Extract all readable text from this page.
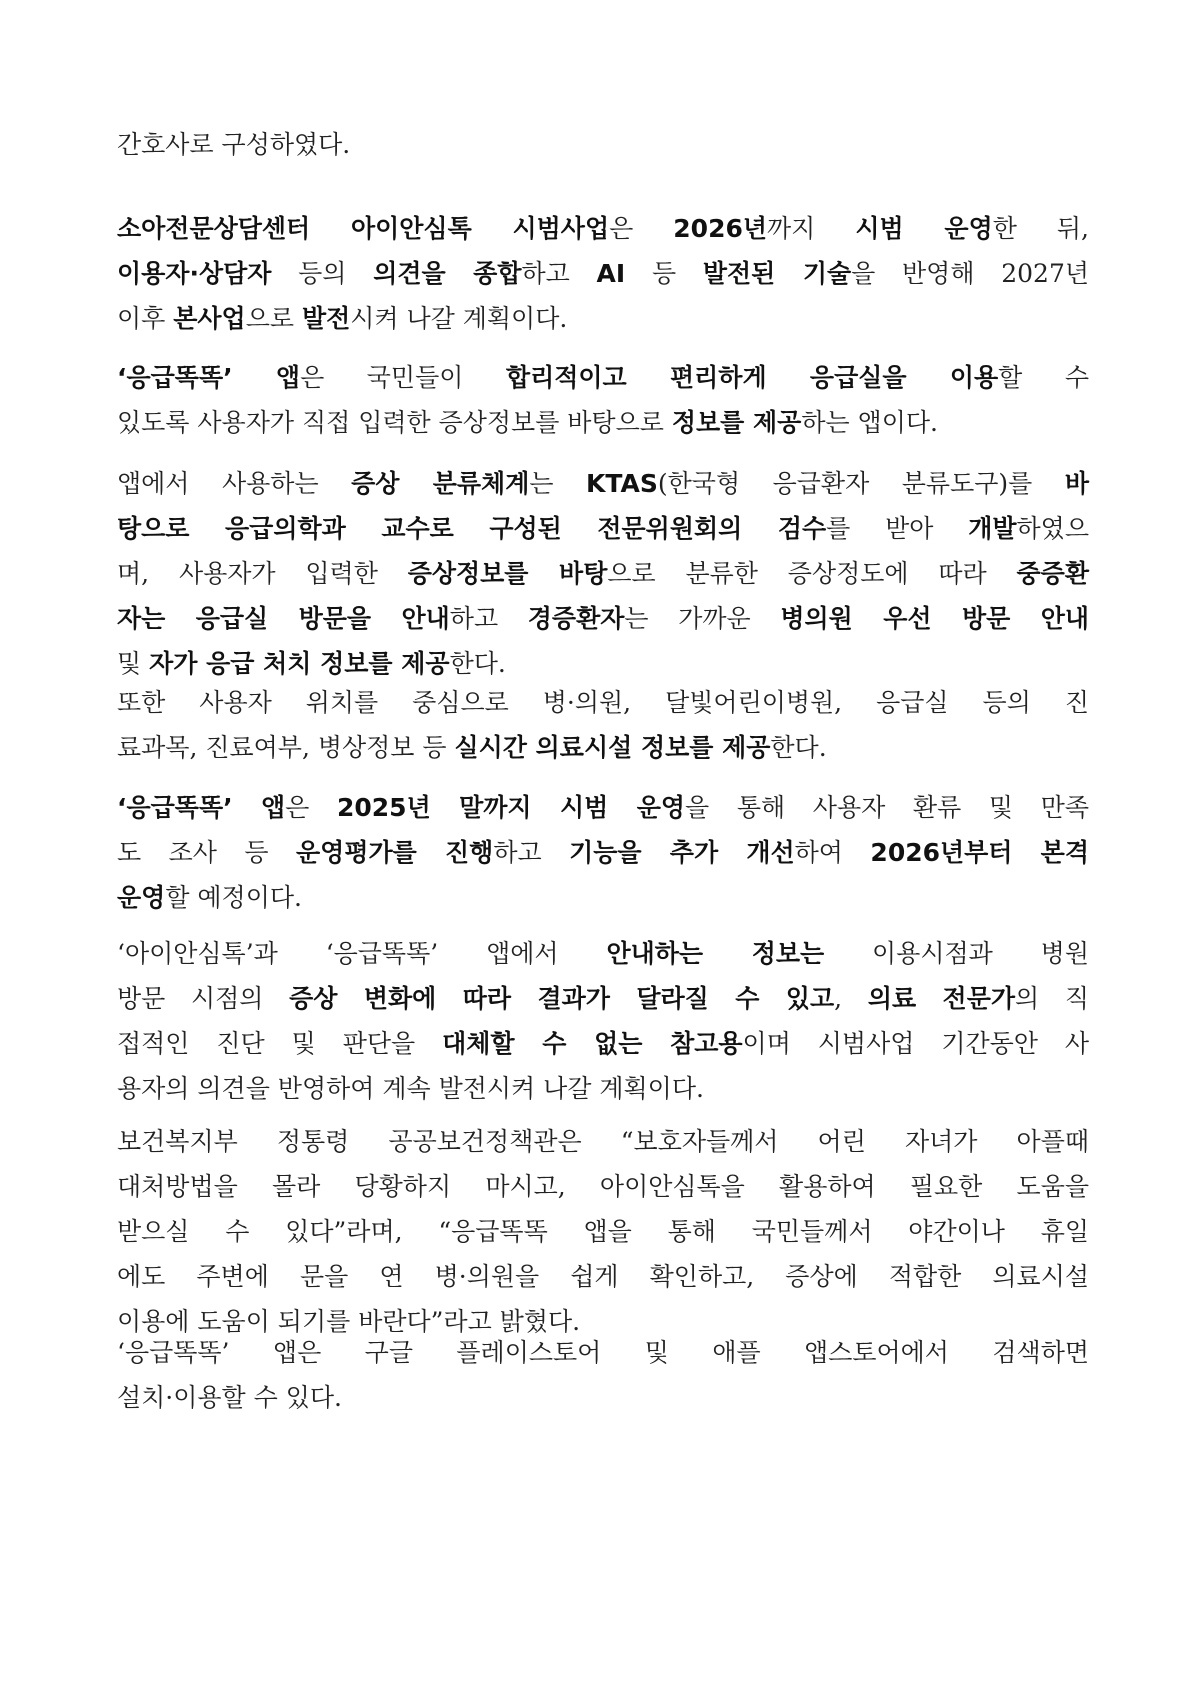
간호사로 구성하였다.

소아전문상담센터 아이안심톡 시범사업은 2026년까지 시범 운영한 뒤,
이용자·상담자 등의 의견을 종합하고 AI 등 발전된 기술을 반영해 2027년
이후 본사업으로 발전시켜 나갈 계획이다.

‘응급똑똑’ 앱은 국민들이 합리적이고 편리하게 응급실을 이용할 수
있도록 사용자가 직접 입력한 증상정보를 바탕으로 정보를 제공하는 앱이다.

앱에서 사용하는 증상 분류체계는 KTAS(한국형 응급환자 분류도구)를 바
탕으로 응급의학과 교수로 구성된 전문위원회의 검수를 받아 개발하였으
며, 사용자가 입력한 증상정보를 바탕으로 분류한 증상정도에 따라 중증환
자는 응급실 방문을 안내하고 경증환자는 가까운 병의원 우선 방문 안내
및 자가 응급 처치 정보를 제공한다.

또한 사용자 위치를 중심으로 병·의원, 달빛어린이병원, 응급실 등의 진
료과목, 진료여부, 병상정보 등 실시간 의료시설 정보를 제공한다.

‘응급똑똑’ 앱은 2025년 말까지 시범 운영을 통해 사용자 환류 및 만족
도 조사 등 운영평가를 진행하고 기능을 추가 개선하여 2026년부터 본격
운영할 예정이다.

‘아이안심톡’과 ‘응급똑똑’ 앱에서 안내하는 정보는 이용시점과 병원
방문 시점의 증상 변화에 따라 결과가 달라질 수 있고, 의료 전문가의 직
접적인 진단 및 판단을 대체할 수 없는 참고용이며 시범사업 기간동안 사
용자의 의견을 반영하여 계속 발전시켜 나갈 계획이다.

보건복지부 정통령 공공보건정책관은 “보호자들께서 어린 자녀가 아플때
대처방법을 몰라 당황하지 마시고, 아이안심톡을 활용하여 필요한 도움을
받으실 수 있다”라며, “응급똑똑 앱을 통해 국민들께서 야간이나 휴일
에도 주변에 문을 연 병·의원을 쉽게 확인하고, 증상에 적합한 의료시설
이용에 도움이 되기를 바란다”라고 밝혔다.

‘응급똑똑’ 앱은 구글 플레이스토어 및 애플 앱스토어에서 검색하면
설치·이용할 수 있다.
